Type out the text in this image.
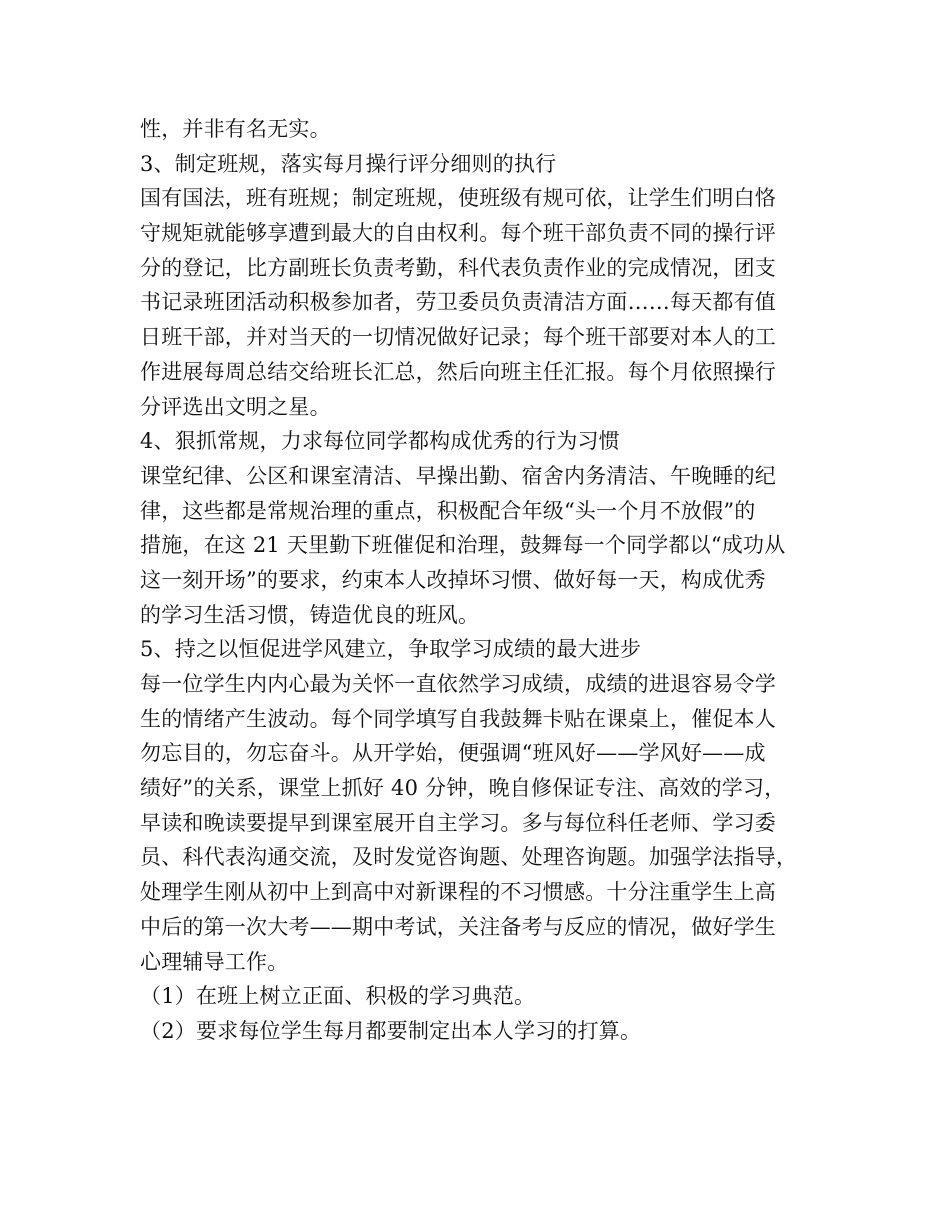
性，并非有名无实。
3、制定班规，落实每月操行评分细则的执行
国有国法，班有班规；制定班规，使班级有规可依，让学生们明白恪
守规矩就能够享遭到最大的自由权利。每个班干部负责不同的操行评
分的登记，比方副班长负责考勤，科代表负责作业的完成情况，团支
书记录班团活动积极参加者，劳卫委员负责清洁方面……每天都有值
日班干部，并对当天的一切情况做好记录；每个班干部要对本人的工
作进展每周总结交给班长汇总，然后向班主任汇报。每个月依照操行
分评选出文明之星。
4、狠抓常规，力求每位同学都构成优秀的行为习惯
课堂纪律、公区和课室清洁、早操出勤、宿舍内务清洁、午晚睡的纪
律，这些都是常规治理的重点，积极配合年级“头一个月不放假”的
措施，在这 21 天里勤下班催促和治理，鼓舞每一个同学都以“成功从
这一刻开场”的要求，约束本人改掉坏习惯、做好每一天，构成优秀
的学习生活习惯，铸造优良的班风。
5、持之以恒促进学风建立，争取学习成绩的最大进步
每一位学生内内心最为关怀一直依然学习成绩，成绩的进退容易令学
生的情绪产生波动。每个同学填写自我鼓舞卡贴在课桌上，催促本人
勿忘目的，勿忘奋斗。从开学始，便强调“班风好——学风好——成
绩好”的关系，课堂上抓好 40 分钟，晚自修保证专注、高效的学习，
早读和晚读要提早到课室展开自主学习。多与每位科任老师、学习委
员、科代表沟通交流，及时发觉咨询题、处理咨询题。加强学法指导，
处理学生刚从初中上到高中对新课程的不习惯感。十分注重学生上高
中后的第一次大考——期中考试，关注备考与反应的情况，做好学生
心理辅导工作。
（1）在班上树立正面、积极的学习典范。
（2）要求每位学生每月都要制定出本人学习的打算。
